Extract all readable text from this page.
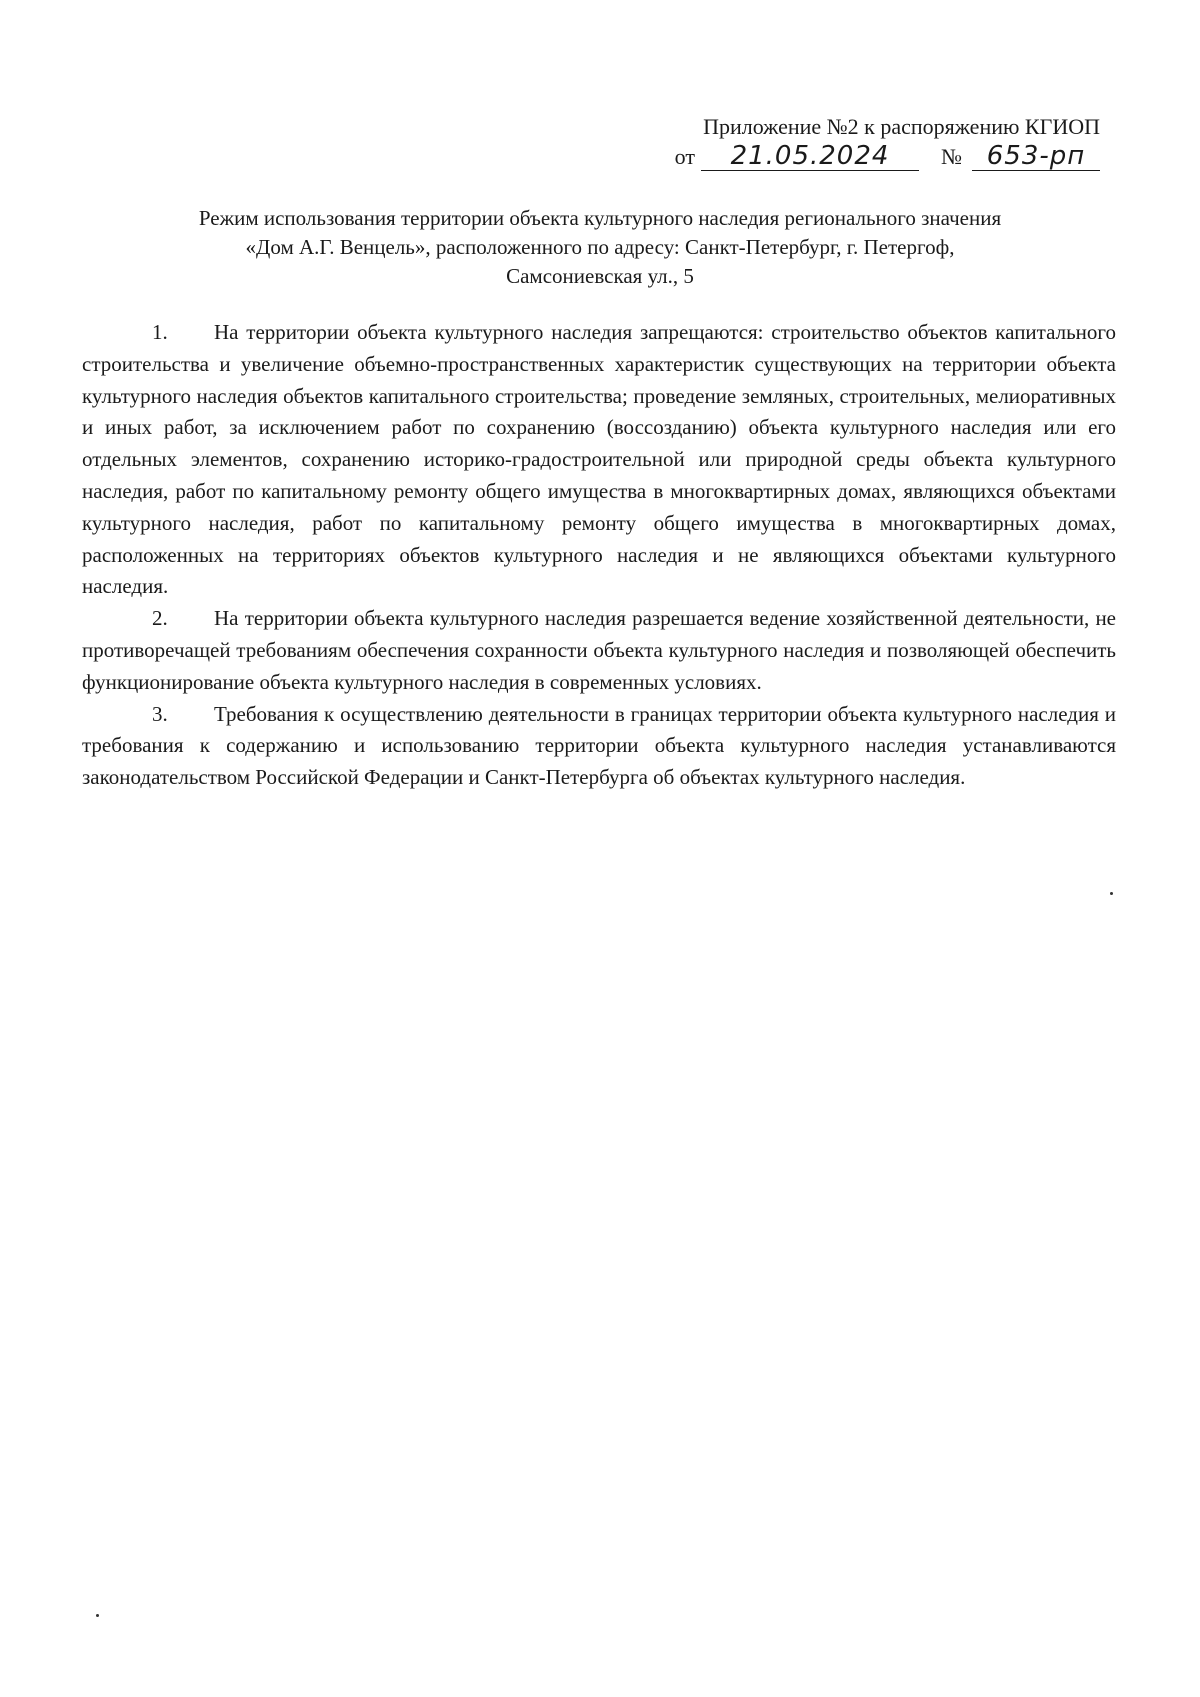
Приложение №2 к распоряжению КГИОП
от	21.05.2024	№ 653-рп
Режим использования территории объекта культурного наследия регионального значения
«Дом А.Г. Венцель», расположенного по адресу: Санкт-Петербург, г. Петергоф,
Самсониевская ул., 5

1. На территории объекта культурного наследия запрещаются: строительство объектов капитального строительства и увеличение объемно-пространственных характеристик существующих на территории объекта культурного наследия объектов капитального строительства; проведение земляных, строительных, мелиоративных и иных работ, за исключением работ по сохранению (воссозданию) объекта культурного наследия или его отдельных элементов, сохранению историко-градостроительной или природной среды объекта культурного наследия, работ по капитальному ремонту общего имущества в многоквартирных домах, являющихся объектами культурного наследия, работ по капитальному ремонту общего имущества в многоквартирных домах, расположенных на территориях объектов культурного наследия и не являющихся объектами культурного наследия.

2. На территории объекта культурного наследия разрешается ведение хозяйственной деятельности, не противоречащей требованиям обеспечения сохранности объекта культурного наследия и позволяющей обеспечить функционирование объекта культурного наследия в современных условиях.

3. Требования к осуществлению деятельности в границах территории объекта культурного наследия и требования к содержанию и использованию территории объекта культурного наследия устанавливаются законодательством Российской Федерации и Санкт-Петербурга об объектах культурного наследия.
